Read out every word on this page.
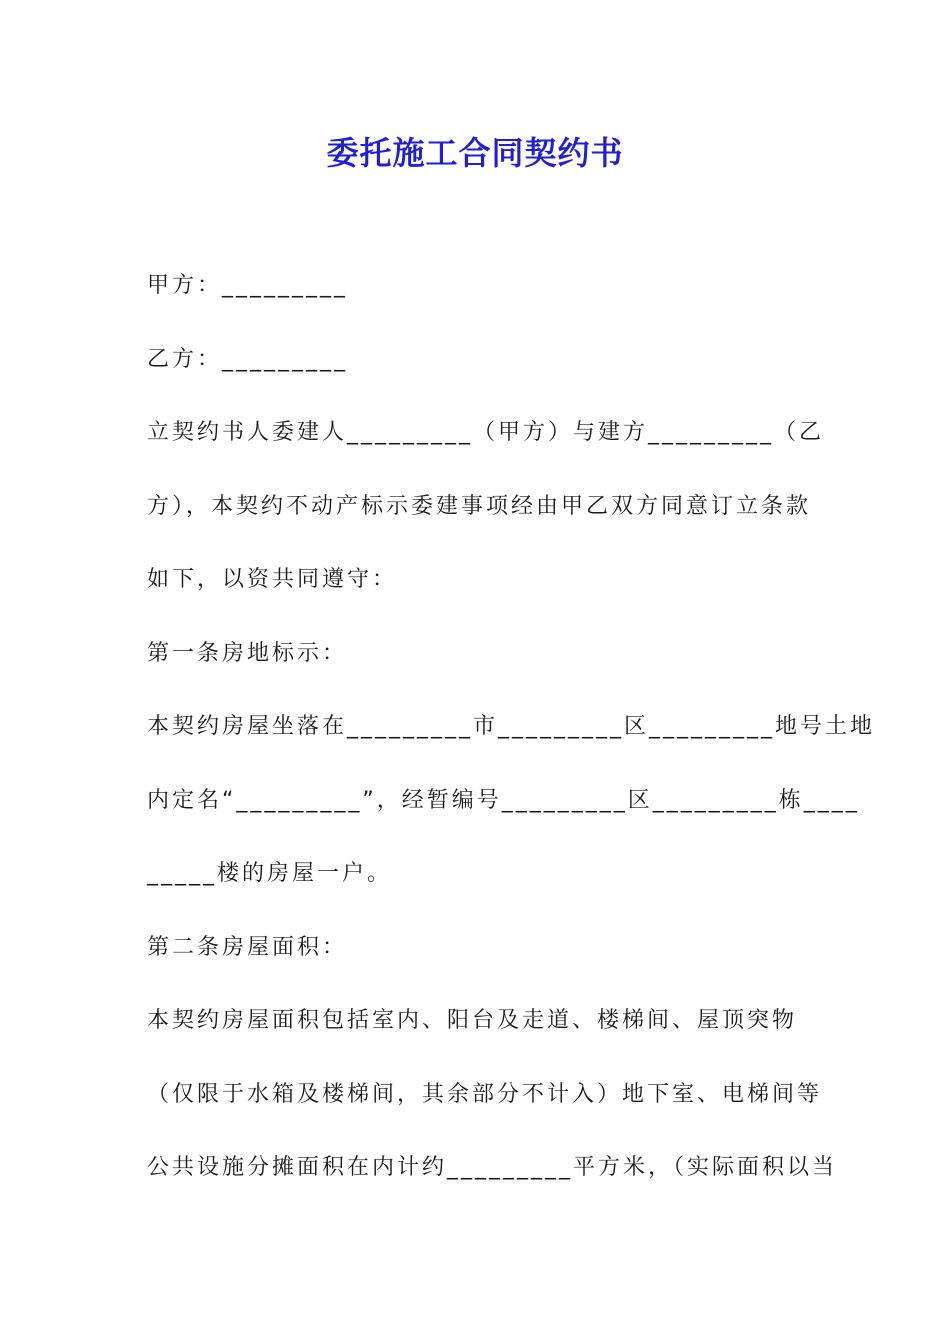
委托施工合同契约书
甲方：_________
乙方：_________
立契约书人委建人_________（甲方）与建方_________（乙
方），本契约不动产标示委建事项经由甲乙双方同意订立条款
如下，以资共同遵守：
第一条房地标示：
本契约房屋坐落在_________市_________区_________地号土地
内定名“_________”，经暂编号_________区_________栋____
_____楼的房屋一户。
第二条房屋面积：
本契约房屋面积包括室内、阳台及走道、楼梯间、屋顶突物
（仅限于水箱及楼梯间，其余部分不计入）地下室、电梯间等
公共设施分摊面积在内计约_________平方米，（实际面积以当
